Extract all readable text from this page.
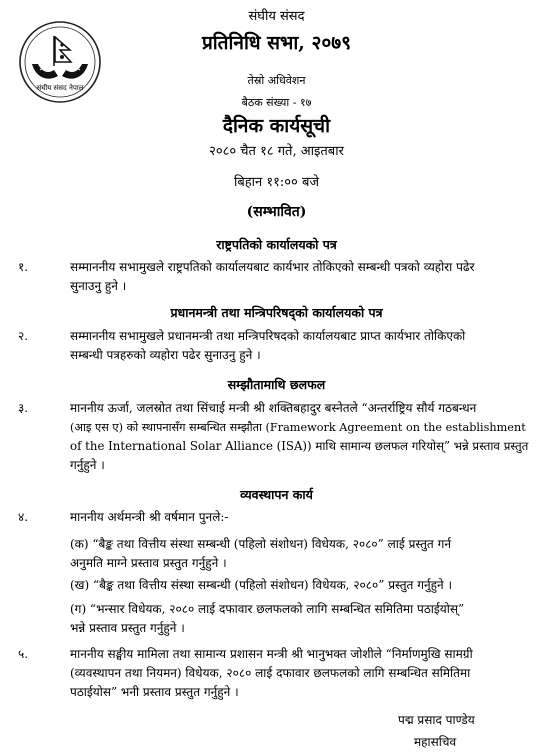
संघीय संसद नेपाल
संघीय संसद
प्रतिनिधि सभा, २०७९
तेस्रो अधिवेशन
बैठक संख्या - १७
दैनिक कार्यसूची
२०८० चैत १८ गते, आइतबार
बिहान ११:०० बजे
(सम्भावित)
राष्ट्रपतिको कार्यालयको पत्र
१.	सम्माननीय सभामुखले राष्ट्रपतिको कार्यालयबाट कार्यभार तोकिएको सम्बन्धी पत्रको व्यहोरा पढेर
सुनाउनु हुने ।
प्रधानमन्त्री तथा मन्त्रिपरिषद्को कार्यालयको पत्र
२.	सम्माननीय सभामुखले प्रधानमन्त्री तथा मन्त्रिपरिषदको कार्यालयबाट प्राप्त कार्यभार तोकिएको
सम्बन्धी पत्रहरुको व्यहोरा पढेर सुनाउनु हुने ।
सम्झौतामाथि छलफल
३.	माननीय ऊर्जा, जलस्रोत तथा सिंचाई मन्त्री श्री शक्तिबहादुर बस्नेतले “अन्तर्राष्ट्रिय सौर्य गठबन्धन
(आइ एस ए) को स्थापनासँग सम्बन्धित सम्झौता (Framework Agreement on the establishment
of the International Solar Alliance (ISA)) माथि सामान्य छलफल गरियोस्” भन्ने प्रस्ताव प्रस्तुत
गर्नुहुने ।
व्यवस्थापन कार्य
४.	माननीय अर्थमन्त्री श्री वर्षमान पुनले:-
(क) “बैङ्क तथा वित्तीय संस्था सम्बन्धी (पहिलो संशोधन) विधेयक, २०८०” लाई प्रस्तुत गर्न
अनुमति माग्ने प्रस्ताव प्रस्तुत गर्नुहुने ।
(ख) “बैङ्क तथा वित्तीय संस्था सम्बन्धी (पहिलो संशोधन) विधेयक, २०८०” प्रस्तुत गर्नुहुने ।
(ग) “भन्सार विधेयक, २०८० लाई दफावार छलफलको लागि सम्बन्धित समितिमा पठाईयोस्”
भन्ने प्रस्ताव प्रस्तुत गर्नुहुने ।
५.	माननीय सङ्घीय मामिला तथा सामान्य प्रशासन मन्त्री श्री भानुभक्त जोशीले “निर्माणमुखि सामग्री
(व्यवस्थापन तथा नियमन) विधेयक, २०८० लाई दफावार छलफलको लागि सम्बन्धित समितिमा
पठाईयोस” भनी प्रस्ताव प्रस्तुत गर्नुहुने ।
पद्म प्रसाद पाण्डेय
महासचिव
